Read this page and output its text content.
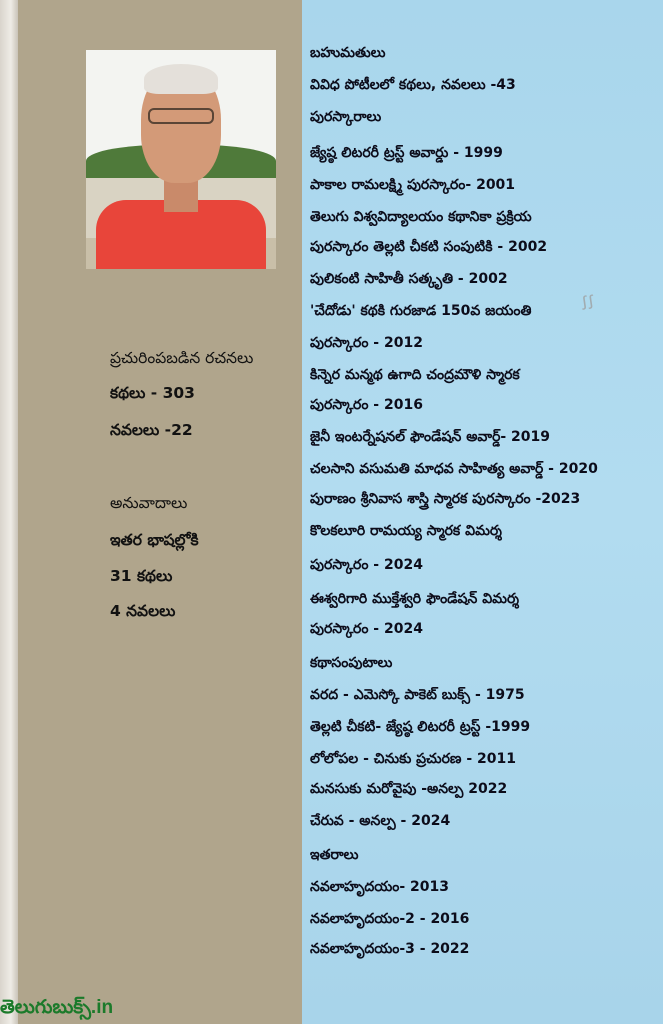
ప్రచురింపబడిన రచనలు
కథలు - 303
నవలలు -22
అనువాదాలు
ఇతర భాషల్లోకి
31 కథలు
4 నవలలు
బహుమతులు
వివిధ పోటీలలో కథలు, నవలలు -43
పురస్కారాలు
జ్యేష్ఠ లిటరరీ ట్రస్ట్ అవార్డు - 1999
పాకాల రామలక్ష్మి పురస్కారం- 2001
తెలుగు విశ్వవిద్యాలయం కథానికా ప్రక్రియ
పురస్కారం తెల్లటి చీకటి సంపుటికి - 2002
పులికంటి సాహితీ సత్కృతి - 2002
'చేదోడు' కథకి గురజాడ 150వ జయంతి
పురస్కారం - 2012
కిన్నెర మన్మథ ఉగాది చంద్రమౌళి స్మారక
పురస్కారం - 2016
జైనీ ఇంటర్నేషనల్ ఫౌండేషన్ అవార్డ్- 2019
చలసాని వసుమతి మాధవ సాహిత్య అవార్డ్ - 2020
పురాణం శ్రీనివాస శాస్త్రి స్మారక పురస్కారం -2023
కొలకలూరి రామయ్య స్మారక విమర్శ
పురస్కారం - 2024
ఈశ్వరిగారి ముక్తేశ్వరి ఫౌండేషన్ విమర్శ
పురస్కారం - 2024
కథాసంపుటాలు
వరద - ఎమెస్కో పాకెట్ బుక్స్ - 1975
తెల్లటి చీకటి- జ్యేష్ఠ లిటరరీ ట్రస్ట్ -1999
లోలోపల - చినుకు ప్రచురణ - 2011
మనసుకు మరోవైపు -అనల్ప 2022
చేరువ - అనల్ప - 2024
ఇతరాలు
నవలాహృదయం- 2013
నవలాహృదయం-2 - 2016
నవలాహృదయం-3 - 2022
ꭍꭍ
తెలుగుబుక్స్.in
